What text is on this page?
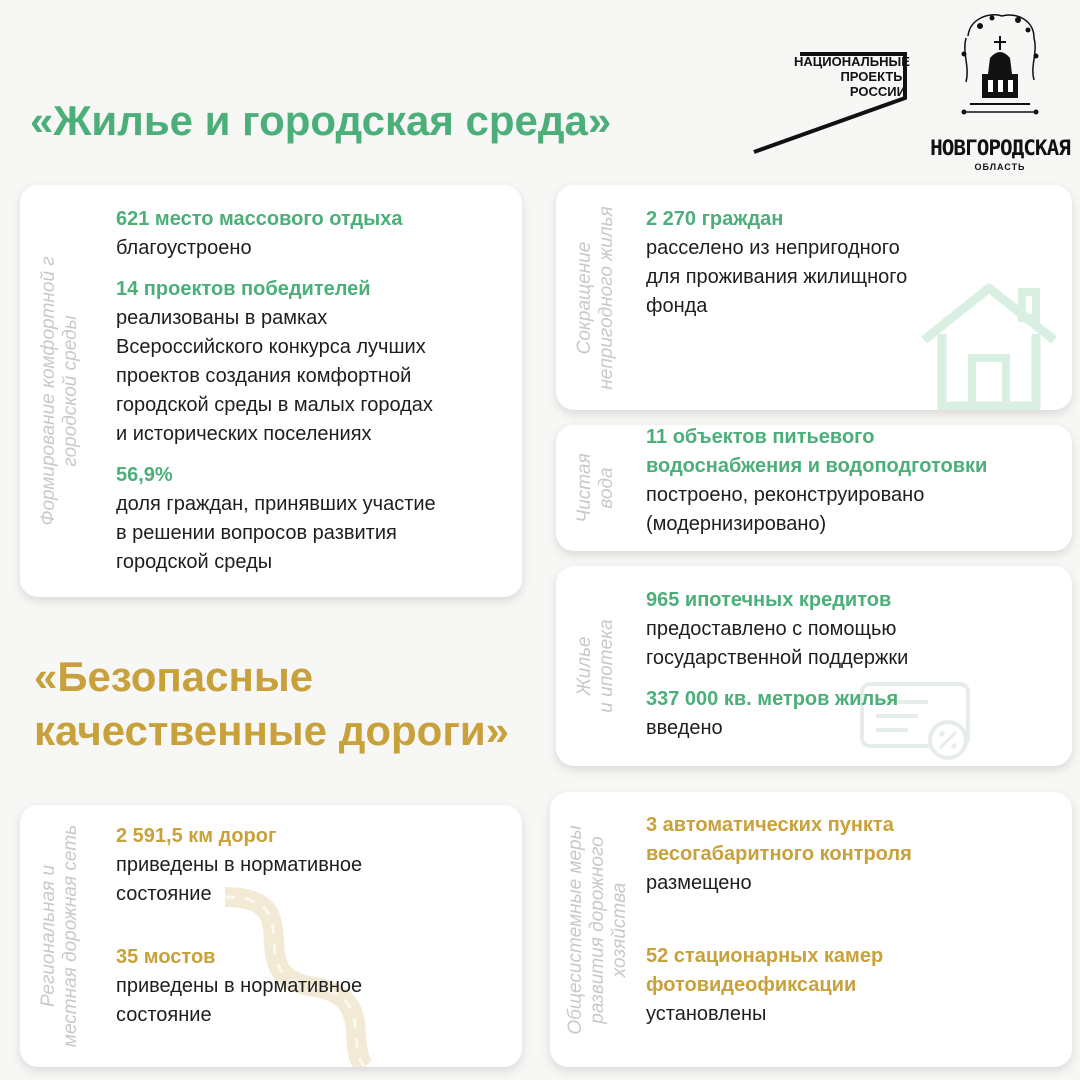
«Жилье и городская среда»
НАЦИОНАЛЬНЫЕ
ПРОЕКТЫ
РОССИИ
НОВГОРОДСКАЯ
ОБЛАСТЬ
Формирование комфортной г городской среды
621 место массового отдыха
благоустроено
14 проектов победителей
реализованы в рамках
Всероссийского конкурса лучших
проектов создания комфортной
городской среды в малых городах
и исторических поселениях
56,9%
доля граждан, принявших участие
в решении вопросов развития
городской среды
Сокращение непригодного жилья 2 270 граждан
расселено из непригодного
для проживания жилищного
фонда
Чистая вода
11 объектов питьевого
водоснабжения и водоподготовки
построено, реконструировано
(модернизировано)
Жилье и ипотека
965 ипотечных кредитов
предоставлено с помощью
государственной поддержки
337 000 кв. метров жилья
введено
«Безопасные
качественные дороги»
Региональная и местная дорожная сеть 2 591,5 км дорог
приведены в нормативное
состояние
35 мостов
приведены в нормативное
состояние	Общесистемные меры развития дорожного хозяйства
3 автоматических пункта
весогабаритного контроля
размещено
52 стационарных камер
фотовидеофиксации
установлены
